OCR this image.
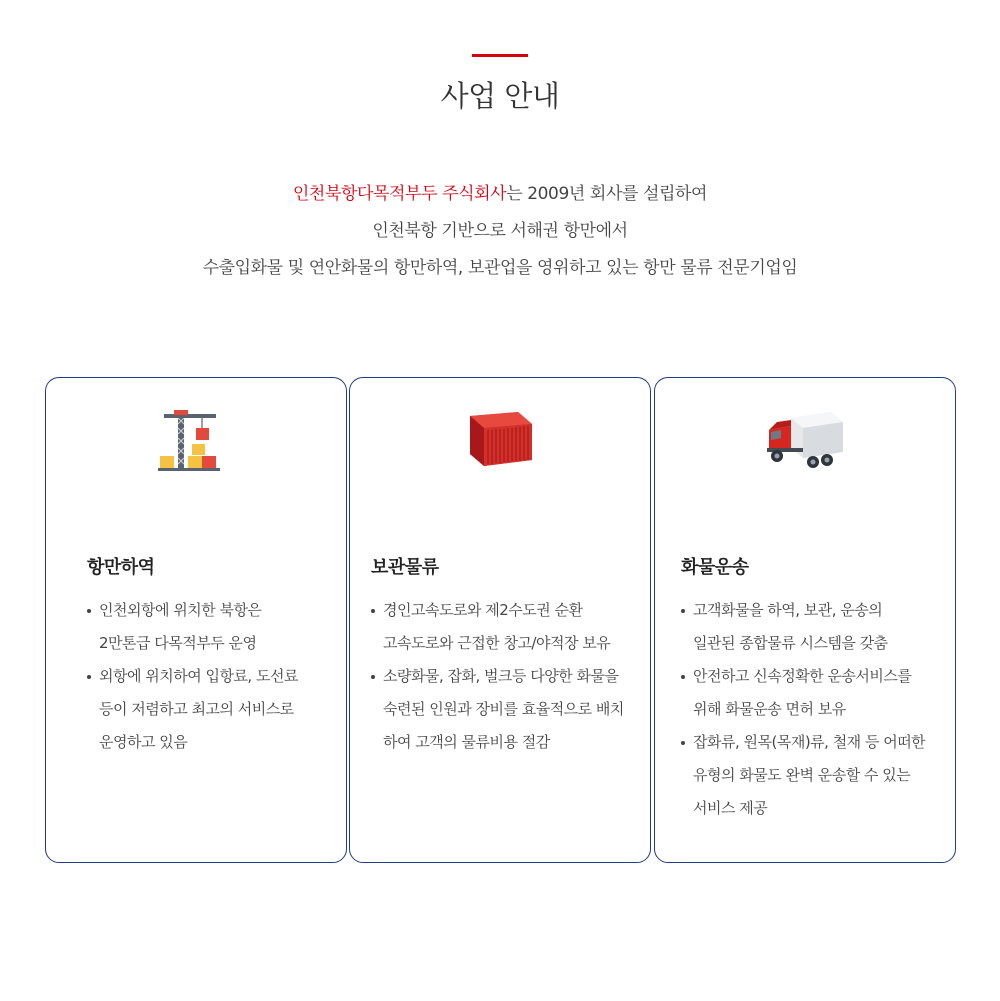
사업 안내
인천북항다목적부두 주식회사는 2009년 회사를 설립하여
인천북항 기반으로 서해권 항만에서
수출입화물 및 연안화물의 항만하역, 보관업을 영위하고 있는 항만 물류 전문기업임
항만하역
인천외항에 위치한 북항은
2만톤급 다목적부두 운영
외항에 위치하여 입항료, 도선료
등이 저렴하고 최고의 서비스로
운영하고 있음
보관물류
경인고속도로와 제2수도권 순환
고속도로와 근접한 창고/야적장 보유
소량화물, 잡화, 벌크등 다양한 화물을
숙련된 인원과 장비를 효율적으로 배치
하여 고객의 물류비용 절감
화물운송
고객화물을 하역, 보관, 운송의
일관된 종합물류 시스템을 갖춤
안전하고 신속정확한 운송서비스를
위해 화물운송 면허 보유
잡화류, 원목(목재)류, 철재 등 어떠한
유형의 화물도 완벽 운송할 수 있는
서비스 제공
